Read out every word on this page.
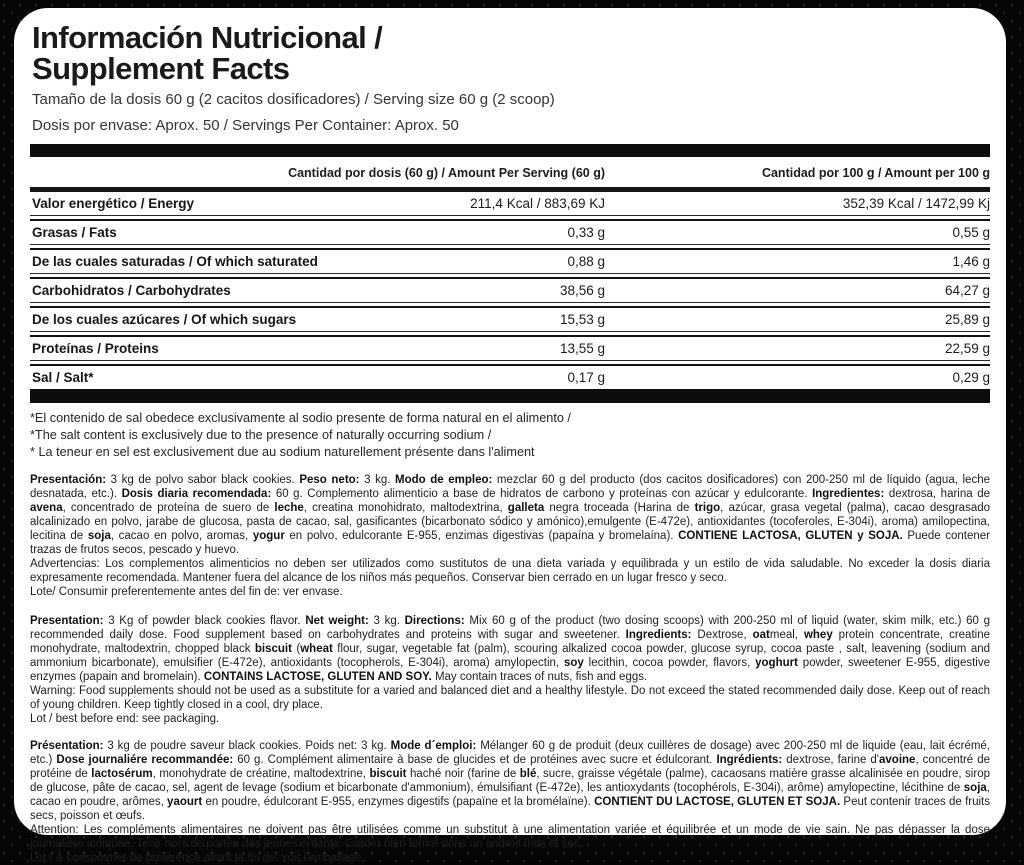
Información Nutricional /
Supplement Facts
Tamaño de la dosis 60 g (2 cacitos dosificadores) / Serving size 60 g (2 scoop)
Dosis por envase: Aprox. 50 / Servings Per Container: Aprox. 50
Cantidad por dosis (60 g) / Amount Per Serving (60 g)	Cantidad por 100 g / Amount per 100 g
Valor energético / Energy	211,4 Kcal / 883,69 KJ	352,39 Kcal / 1472,99 Kj
Grasas / Fats	0,33 g	0,55 g
De las cuales saturadas / Of which saturated	0,88 g	1,46 g
Carbohidratos / Carbohydrates	38,56 g	64,27 g
De los cuales azúcares / Of which sugars	15,53 g	25,89 g
Proteínas / Proteins	13,55 g	22,59 g
Sal / Salt*	0,17 g	0,29 g
*El contenido de sal obedece exclusivamente al sodio presente de forma natural en el alimento /
*The salt content is exclusively due to the presence of naturally occurring sodium /
* La teneur en sel est exclusivement due au sodium naturellement présente dans l'aliment

Presentación: 3 kg de polvo sabor black cookies. Peso neto: 3 kg. Modo de empleo: mezclar 60 g del producto (dos cacitos dosificadores) con 200-250 ml de líquido (agua, leche desnatada, etc.). Dosis diaria recomendada: 60 g. Complemento alimenticio a base de hidratos de carbono y proteínas con azúcar y edulcorante. Ingredientes: dextrosa, harina de avena, concentrado de proteína de suero de leche, creatina monohidrato, maltodextrina, galleta negra troceada (Harina de trigo, azúcar, grasa vegetal (palma), cacao desgrasado alcalinizado en polvo, jarabe de glucosa, pasta de cacao, sal, gasificantes (bicarbonato sódico y amónico),emulgente (E-472e), antioxidantes (tocoferoles, E-304i), aroma) amilopectina, lecitina de soja, cacao en polvo, aromas, yogur en polvo, edulcorante E-955, enzimas digestivas (papaína y bromelaína). CONTIENE LACTOSA, GLUTEN y SOJA. Puede contener trazas de frutos secos, pescado y huevo.

Advertencias: Los complementos alimenticios no deben ser utilizados como sustitutos de una dieta variada y equilibrada y un estilo de vida saludable. No exceder la dosis diaria expresamente recomendada. Mantener fuera del alcance de los niños más pequeños. Conservar bien cerrado en un lugar fresco y seco.

Lote/ Consumir preferentemente antes del fin de: ver envase.

Presentation: 3 Kg of powder black cookies flavor. Net weight: 3 kg. Directions: Mix 60 g of the product (two dosing scoops) with 200-250 ml of liquid (water, skim milk, etc.) 60 g recommended daily dose. Food supplement based on carbohydrates and proteins with sugar and sweetener. Ingredients: Dextrose, oatmeal, whey protein concentrate, creatine monohydrate, maltodextrin, chopped black biscuit (wheat flour, sugar, vegetable fat (palm), scouring alkalized cocoa powder, glucose syrup, cocoa paste , salt, leavening (sodium and ammonium bicarbonate), emulsifier (E-472e), antioxidants (tocopherols, E-304i), aroma) amylopectin, soy lecithin, cocoa powder, flavors, yoghurt powder, sweetener E-955, digestive enzymes (papain and bromelain). CONTAINS LACTOSE, GLUTEN AND SOY. May contain traces of nuts, fish and eggs.

Warning: Food supplements should not be used as a substitute for a varied and balanced diet and a healthy lifestyle. Do not exceed the stated recommended daily dose. Keep out of reach of young children. Keep tightly closed in a cool, dry place.

Lot / best before end: see packaging.

Présentation: 3 kg de poudre saveur black cookies. Poids net: 3 kg. Mode d´emploi: Mélanger 60 g de produit (deux cuillères de dosage) avec 200-250 ml de liquide (eau, lait écrémé, etc.) Dose journaliére recommandée: 60 g. Complément alimentaire à base de glucides et de protéines avec sucre et édulcorant. Ingrédients: dextrose, farine d'avoine, concentré de protéine de lactosérum, monohydrate de créatine, maltodextrine, biscuit haché noir (farine de blé, sucre, graisse végétale (palme), cacaosans matière grasse alcalinisée en poudre, sirop de glucose, pâte de cacao, sel, agent de levage (sodium et bicarbonate d'ammonium), émulsifiant (E-472e), les antioxydants (tocophérols, E-304i), arôme) amylopectine, lécithine de soja, cacao en poudre, arômes, yaourt en poudre, édulcorant E-955, enzymes digestifs (papaïne et la bromélaïne). CONTIENT DU LACTOSE, GLUTEN ET SOJA. Peut contenir traces de fruits secs, poisson et œufs.

Attention: Les compléments alimentaires ne doivent pas être utilisées comme un substitut à une alimentation variée et équilibrée et un mode de vie sain. Ne pas dépasser la dose journalière indiquée. Tenir hors de portée des jeunes enfants. Garder bien fermé dans un endroit frais et sec.

Lot / À consommer de préférence avant la fin de: voir l'emballage.
